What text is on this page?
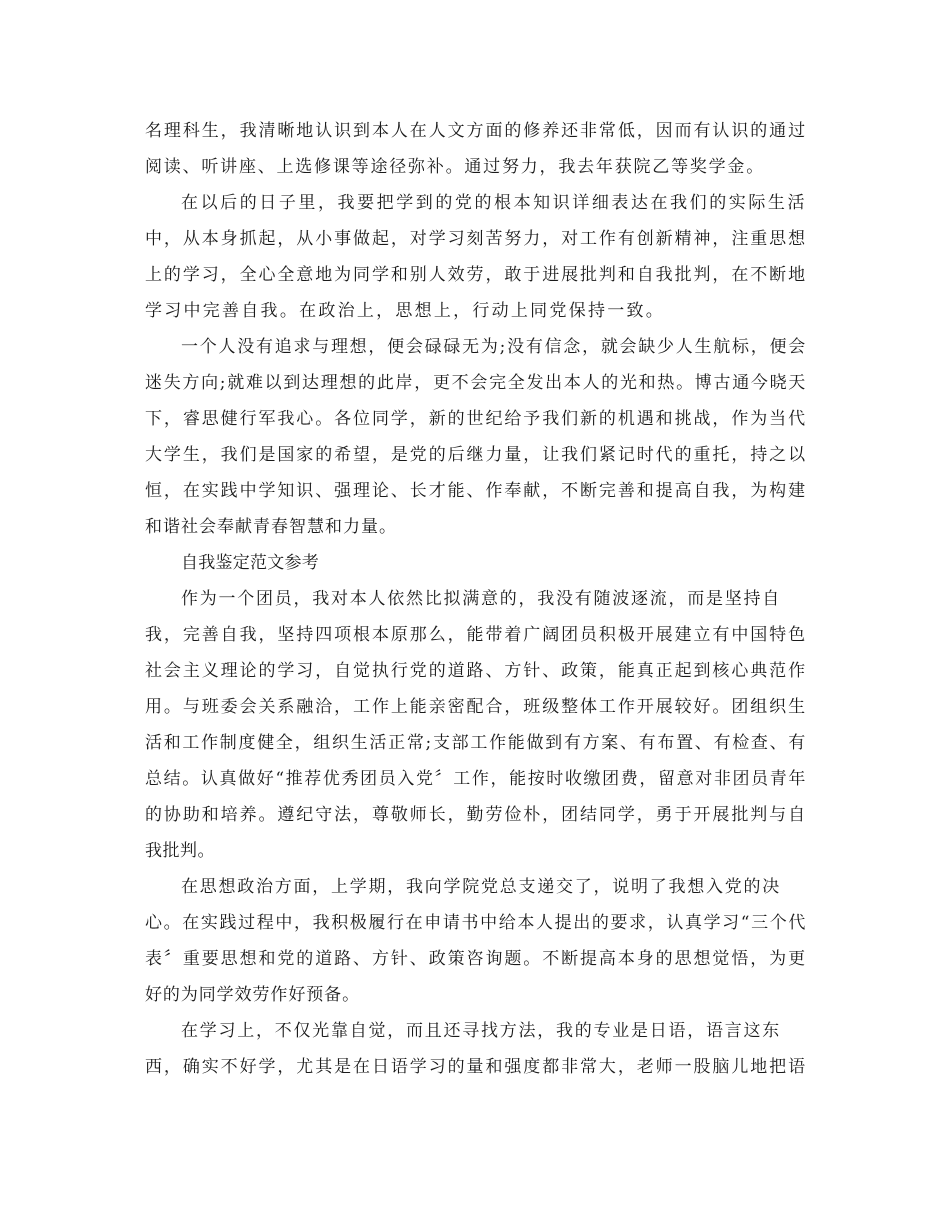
名理科生，我清晰地认识到本人在人文方面的修养还非常低，因而有认识的通过
阅读、听讲座、上选修课等途径弥补。通过努力，我去年获院乙等奖学金。
在以后的日子里，我要把学到的党的根本知识详细表达在我们的实际生活
中，从本身抓起，从小事做起，对学习刻苦努力，对工作有创新精神，注重思想
上的学习，全心全意地为同学和别人效劳，敢于进展批判和自我批判，在不断地
学习中完善自我。在政治上，思想上，行动上同党保持一致。
一个人没有追求与理想，便会碌碌无为;没有信念，就会缺少人生航标，便会
迷失方向;就难以到达理想的此岸，更不会完全发出本人的光和热。博古通今晓天
下，睿思健行军我心。各位同学，新的世纪给予我们新的机遇和挑战，作为当代
大学生，我们是国家的希望，是党的后继力量，让我们紧记时代的重托，持之以
恒，在实践中学知识、强理论、长才能、作奉献，不断完善和提高自我，为构建
和谐社会奉献青春智慧和力量。
自我鉴定范文参考
作为一个团员，我对本人依然比拟满意的，我没有随波逐流，而是坚持自
我，完善自我，坚持四项根本原那么，能带着广阔团员积极开展建立有中国特色
社会主义理论的学习，自觉执行党的道路、方针、政策，能真正起到核心典范作
用。与班委会关系融洽，工作上能亲密配合，班级整体工作开展较好。团组织生
活和工作制度健全，组织生活正常;支部工作能做到有方案、有布置、有检查、有
总结。认真做好“推荐优秀团员入党〞工作，能按时收缴团费，留意对非团员青年
的协助和培养。遵纪守法，尊敬师长，勤劳俭朴，团结同学，勇于开展批判与自
我批判。
在思想政治方面，上学期，我向学院党总支递交了，说明了我想入党的决
心。在实践过程中，我积极履行在申请书中给本人提出的要求，认真学习“三个代
表〞重要思想和党的道路、方针、政策咨询题。不断提高本身的思想觉悟，为更
好的为同学效劳作好预备。
在学习上，不仅光靠自觉，而且还寻找方法，我的专业是日语，语言这东
西，确实不好学，尤其是在日语学习的量和强度都非常大，老师一股脑儿地把语
